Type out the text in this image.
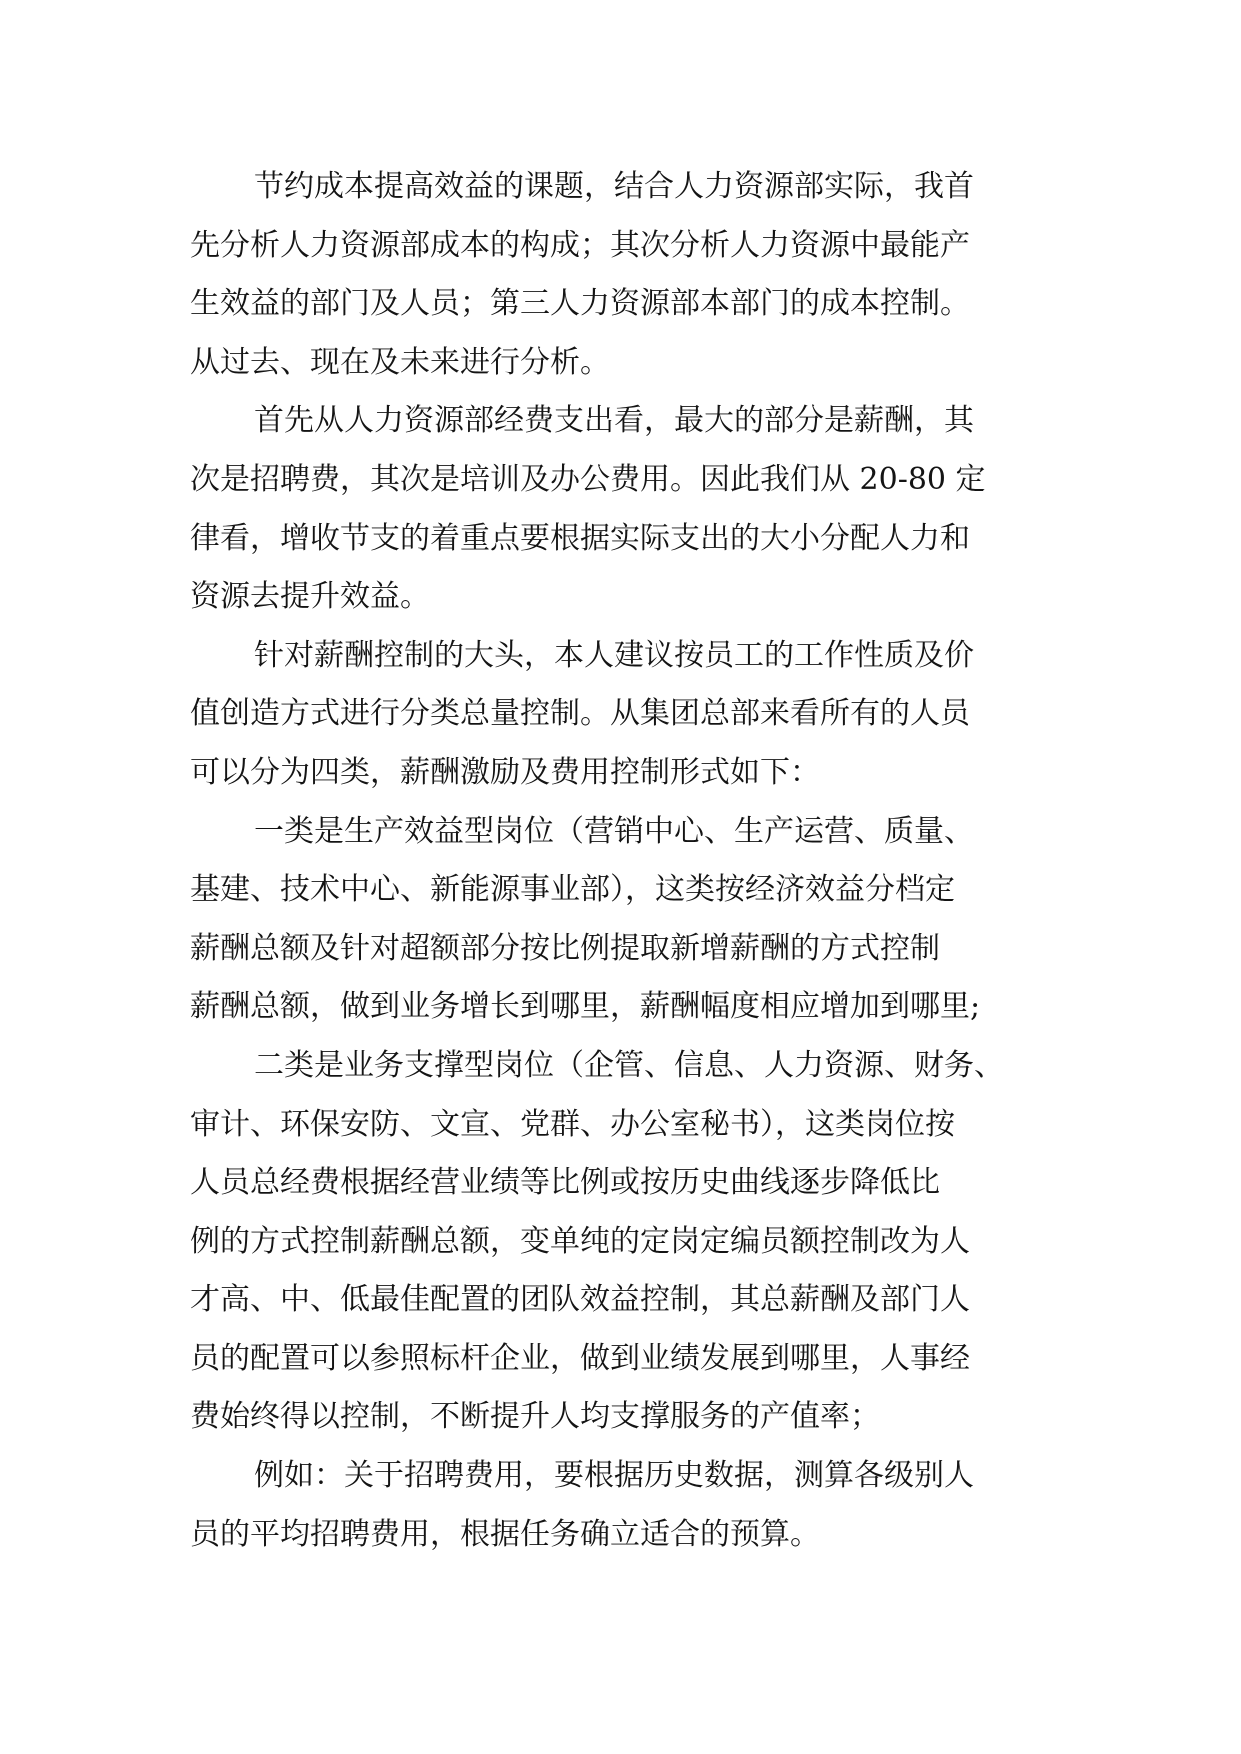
节约成本提高效益的课题，结合人力资源部实际，我首
先分析人力资源部成本的构成；其次分析人力资源中最能产
生效益的部门及人员；第三人力资源部本部门的成本控制。
从过去、现在及未来进行分析。
首先从人力资源部经费支出看，最大的部分是薪酬，其
次是招聘费，其次是培训及办公费用。因此我们从 20-80 定
律看，增收节支的着重点要根据实际支出的大小分配人力和
资源去提升效益。
针对薪酬控制的大头，本人建议按员工的工作性质及价
值创造方式进行分类总量控制。从集团总部来看所有的人员
可以分为四类，薪酬激励及费用控制形式如下：
一类是生产效益型岗位（营销中心、生产运营、质量、
基建、技术中心、新能源事业部），这类按经济效益分档定
薪酬总额及针对超额部分按比例提取新增薪酬的方式控制
薪酬总额，做到业务增长到哪里，薪酬幅度相应增加到哪里;
二类是业务支撑型岗位（企管、信息、人力资源、财务、
审计、环保安防、文宣、党群、办公室秘书），这类岗位按
人员总经费根据经营业绩等比例或按历史曲线逐步降低比
例的方式控制薪酬总额，变单纯的定岗定编员额控制改为人
才高、中、低最佳配置的团队效益控制，其总薪酬及部门人
员的配置可以参照标杆企业，做到业绩发展到哪里，人事经
费始终得以控制，不断提升人均支撑服务的产值率；
例如：关于招聘费用，要根据历史数据，测算各级别人
员的平均招聘费用，根据任务确立适合的预算。
